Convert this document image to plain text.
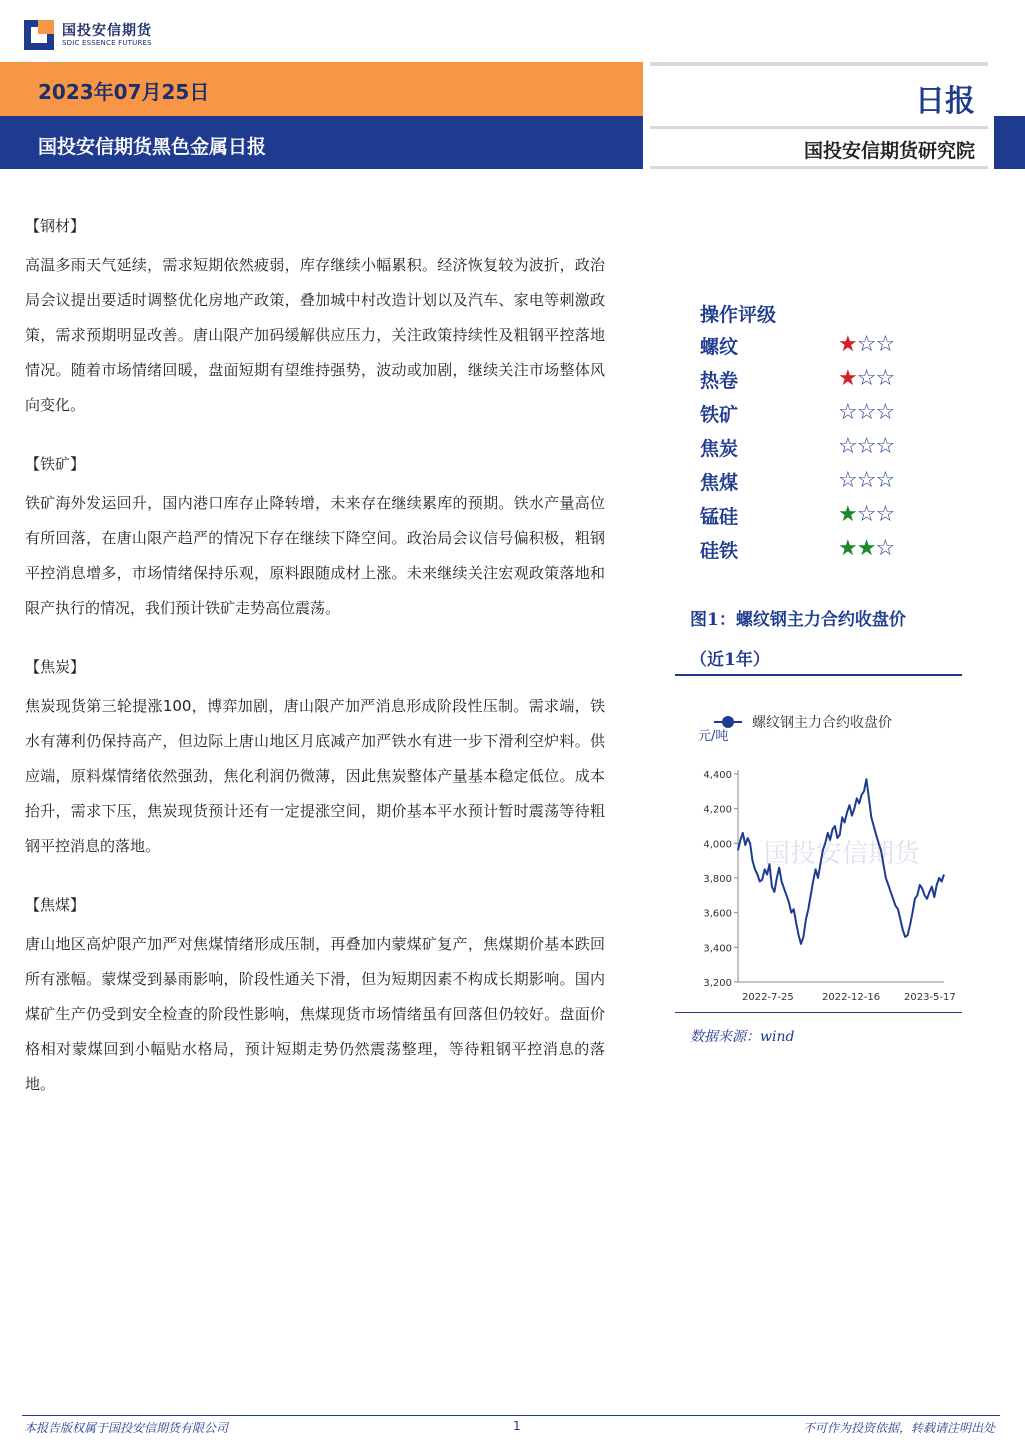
国投安信期货
SDIC ESSENCE FUTURES
2023年07月25日
国投安信期货黑色金属日报
日报
国投安信期货研究院
【钢材】
高温多雨天气延续，需求短期依然疲弱，库存继续小幅累积。经济恢复较为波折，政治局会议提出要适时调整优化房地产政策，叠加城中村改造计划以及汽车、家电等刺激政策，需求预期明显改善。唐山限产加码缓解供应压力，关注政策持续性及粗钢平控落地情况。随着市场情绪回暖，盘面短期有望维持强势，波动或加剧，继续关注市场整体风向变化。
【铁矿】
铁矿海外发运回升，国内港口库存止降转增，未来存在继续累库的预期。铁水产量高位有所回落，在唐山限产趋严的情况下存在继续下降空间。政治局会议信号偏积极，粗钢平控消息增多，市场情绪保持乐观，原料跟随成材上涨。未来继续关注宏观政策落地和限产执行的情况，我们预计铁矿走势高位震荡。
【焦炭】
焦炭现货第三轮提涨100，博弈加剧，唐山限产加严消息形成阶段性压制。需求端，铁水有薄利仍保持高产，但边际上唐山地区月底减产加严铁水有进一步下滑利空炉料。供应端，原料煤情绪依然强劲，焦化利润仍微薄，因此焦炭整体产量基本稳定低位。成本抬升，需求下压，焦炭现货预计还有一定提涨空间，期价基本平水预计暂时震荡等待粗钢平控消息的落地。
【焦煤】
唐山地区高炉限产加严对焦煤情绪形成压制，再叠加内蒙煤矿复产，焦煤期价基本跌回所有涨幅。蒙煤受到暴雨影响，阶段性通关下滑，但为短期因素不构成长期影响。国内煤矿生产仍受到安全检查的阶段性影响，焦煤现货市场情绪虽有回落但仍较好。盘面价格相对蒙煤回到小幅贴水格局，预计短期走势仍然震荡整理，等待粗钢平控消息的落地。
操作评级
螺纹	★☆☆
热卷	★☆☆
铁矿	☆☆☆
焦炭	☆☆☆
焦煤	☆☆☆
锰硅	★☆☆
硅铁	★★☆
图1：螺纹钢主力合约收盘价
（近1年）
国投安信期货
螺纹钢主力合约收盘价
元/吨
3,200
3,400
3,600
3,800
4,000
4,200
4,400
2022-7-25	2022-12-16 2023-5-17
数据来源：wind
本报告版权属于国投安信期货有限公司	1	不可作为投资依据，转载请注明出处
